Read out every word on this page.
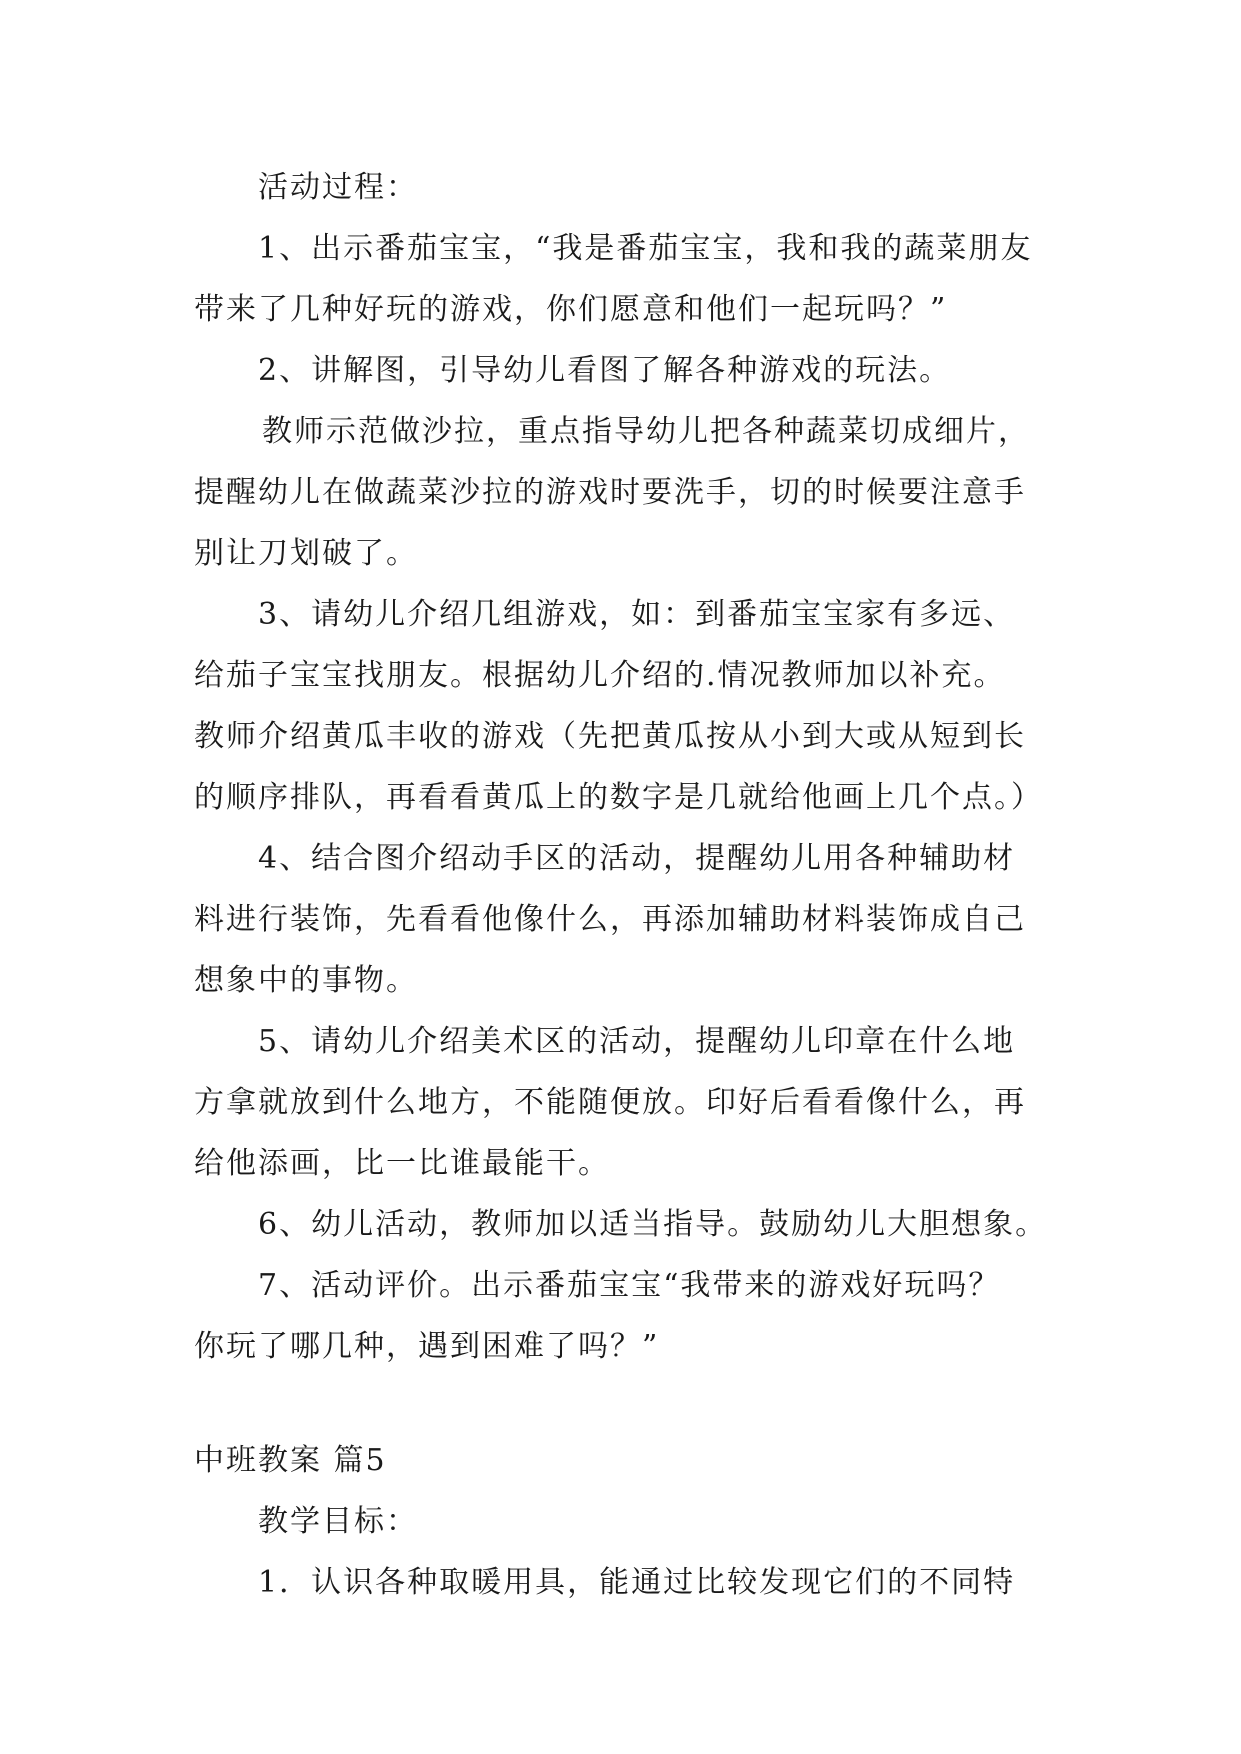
活动过程：
1、出示番茄宝宝，“我是番茄宝宝，我和我的蔬菜朋友
带来了几种好玩的游戏，你们愿意和他们一起玩吗？”
2、讲解图，引导幼儿看图了解各种游戏的玩法。
教师示范做沙拉，重点指导幼儿把各种蔬菜切成细片，
提醒幼儿在做蔬菜沙拉的游戏时要洗手，切的时候要注意手
别让刀划破了。
3、请幼儿介绍几组游戏，如：到番茄宝宝家有多远、
给茄子宝宝找朋友。根据幼儿介绍的.情况教师加以补充。
教师介绍黄瓜丰收的游戏（先把黄瓜按从小到大或从短到长
的顺序排队，再看看黄瓜上的数字是几就给他画上几个点。）
4、结合图介绍动手区的活动，提醒幼儿用各种辅助材
料进行装饰，先看看他像什么，再添加辅助材料装饰成自己
想象中的事物。
5、请幼儿介绍美术区的活动，提醒幼儿印章在什么地
方拿就放到什么地方，不能随便放。印好后看看像什么，再
给他添画，比一比谁最能干。
6、幼儿活动，教师加以适当指导。鼓励幼儿大胆想象。
7、活动评价。出示番茄宝宝“我带来的游戏好玩吗？
你玩了哪几种，遇到困难了吗？”
中班教案 篇5
教学目标：
1．认识各种取暖用具，能通过比较发现它们的不同特
